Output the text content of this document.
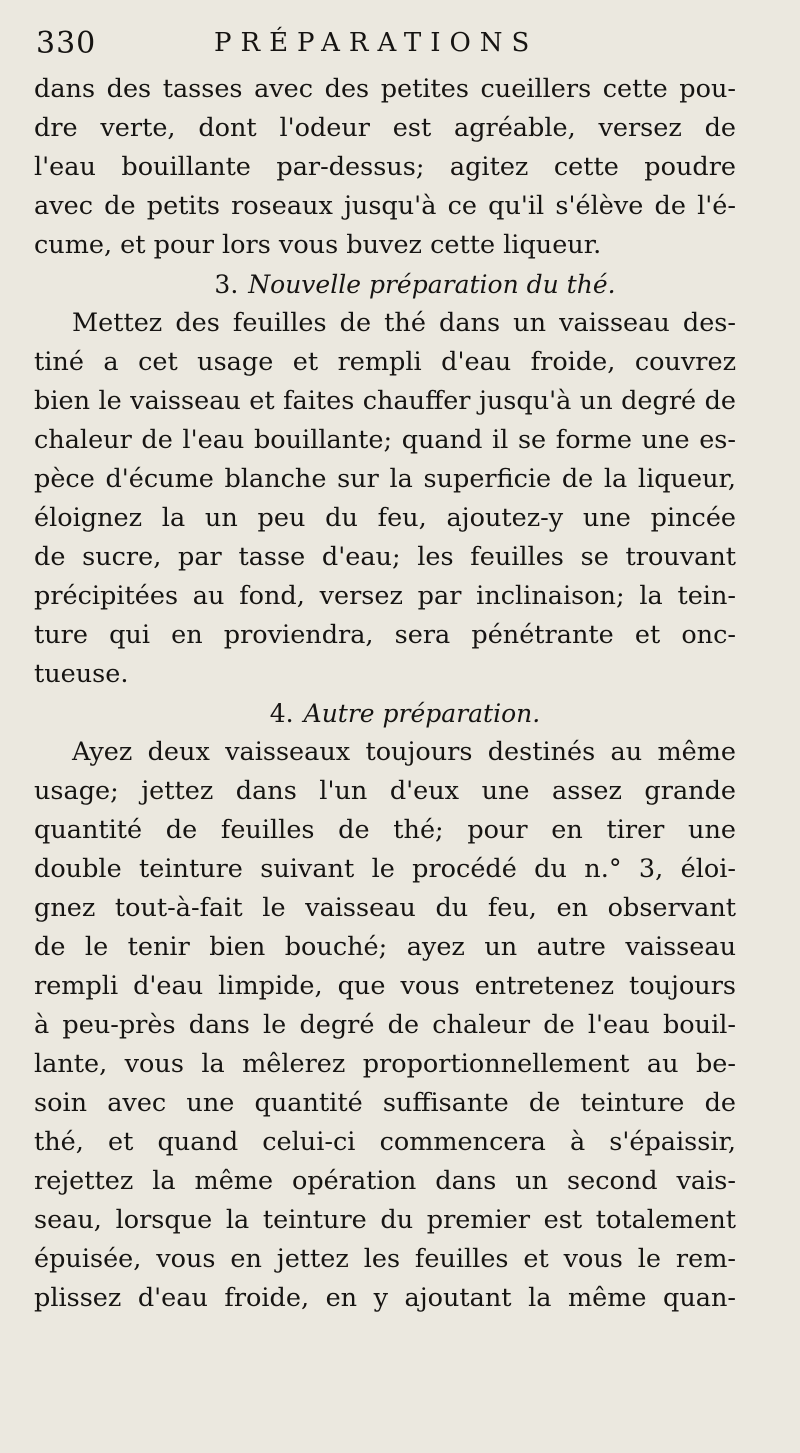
330	PRÉPARATIONS
dans des tasses avec des petites cueillers cette pou-
dre verte, dont l'odeur est agréable, versez de
l'eau bouillante par-dessus; agitez cette poudre
avec de petits roseaux jusqu'à ce qu'il s'élève de l'é-
cume, et pour lors vous buvez cette liqueur.
3. Nouvelle préparation du thé.
Mettez des feuilles de thé dans un vaisseau des-
tiné a cet usage et rempli d'eau froide, couvrez
bien le vaisseau et faites chauffer jusqu'à un degré de
chaleur de l'eau bouillante; quand il se forme une es-
pèce d'écume blanche sur la superficie de la liqueur,
éloignez la un peu du feu, ajoutez-y une pincée
de sucre, par tasse d'eau; les feuilles se trouvant
précipitées au fond, versez par inclinaison; la tein-
ture qui en proviendra, sera pénétrante et onc-
tueuse.
4. Autre préparation.
Ayez deux vaisseaux toujours destinés au même
usage; jettez dans l'un d'eux une assez grande
quantité de feuilles de thé; pour en tirer une
double teinture suivant le procédé du n.° 3, éloi-
gnez tout-à-fait le vaisseau du feu, en observant
de le tenir bien bouché; ayez un autre vaisseau
rempli d'eau limpide, que vous entretenez toujours
à peu-près dans le degré de chaleur de l'eau bouil-
lante, vous la mêlerez proportionnellement au be-
soin avec une quantité suffisante de teinture de
thé, et quand celui-ci commencera à s'épaissir,
rejettez la même opération dans un second vais-
seau, lorsque la teinture du premier est totalement
épuisée, vous en jettez les feuilles et vous le rem-
plissez d'eau froide, en y ajoutant la même quan-
